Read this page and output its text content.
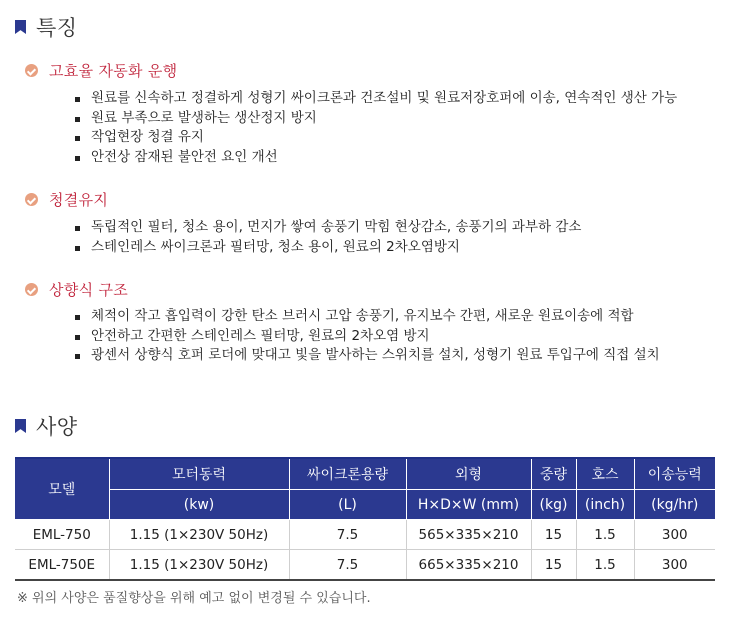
특징
고효율 자동화 운행
원료를 신속하고 정결하게 성형기 싸이크론과 건조설비 및 원료저장호퍼에 이송, 연속적인 생산 가능
원료 부족으로 발생하는 생산정지 방지
작업현장 청결 유지
안전상 잠재된 불안전 요인 개선
청결유지
독립적인 필터, 청소 용이, 먼지가 쌓여 송풍기 막힘 현상감소, 송풍기의 과부하 감소
스테인레스 싸이크론과 필터망, 청소 용이, 원료의 2차오염방지
상향식 구조
체적이 작고 흡입력이 강한 탄소 브러시 고압 송풍기, 유지보수 간편, 새로운 원료이송에 적합
안전하고 간편한 스테인레스 필터망, 원료의 2차오염 방지
광센서 상향식 호퍼 로더에 맞대고 빛을 발사하는 스위치를 설치, 성형기 원료 투입구에 직접 설치
사양
모델	모터동력	싸이크론용량	외형	중량	호스	이송능력
	(kw)	(L)	H×D×W (mm)	(kg)	(inch)	(kg/hr)
EML-750	1.15 (1×230V 50Hz)	7.5	565×335×210	15	1.5	300
EML-750E	1.15 (1×230V 50Hz)	7.5	665×335×210	15	1.5	300
※ 위의 사양은 품질향상을 위해 예고 없이 변경될 수 있습니다.
